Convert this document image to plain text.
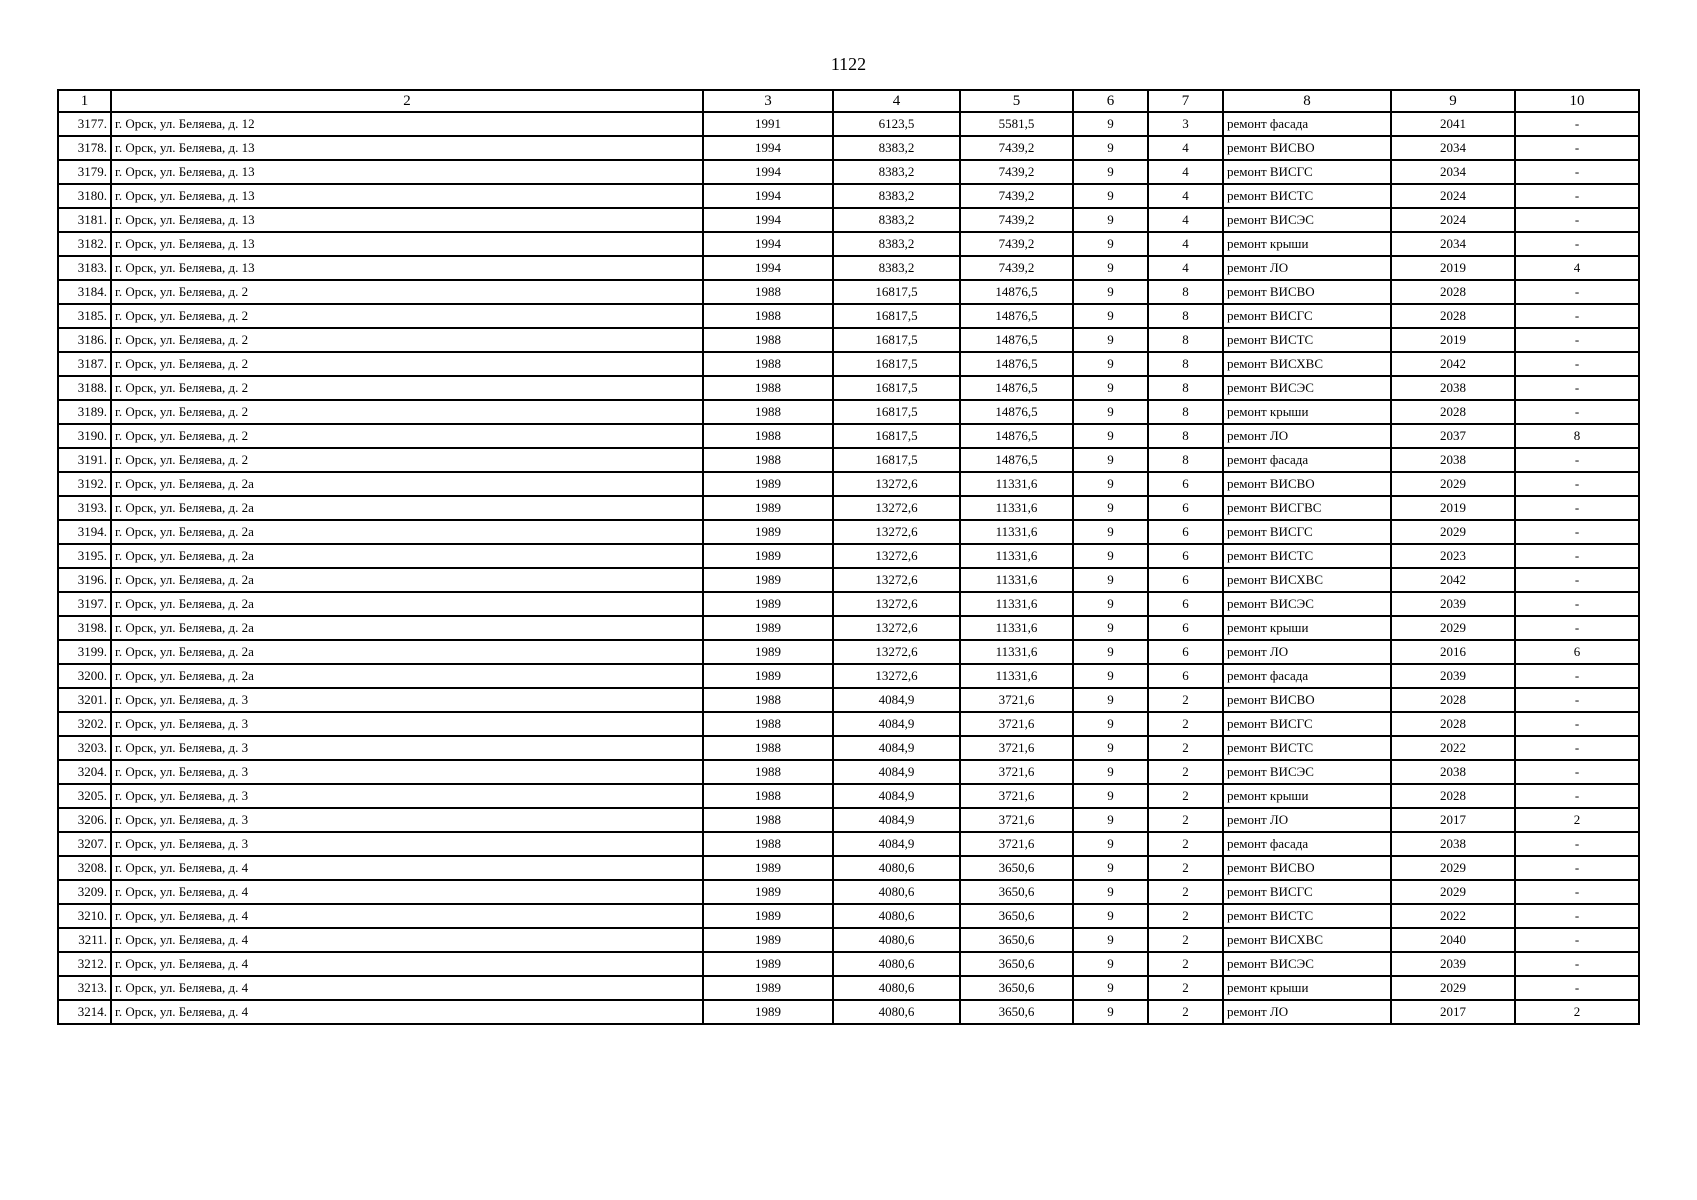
1122
1	2	3	4	5	6	7	8	9	10
3177.	г. Орск, ул. Беляева, д. 12	1991	6123,5	5581,5	9	3	ремонт фасада	2041	-
3178.	г. Орск, ул. Беляева, д. 13	1994	8383,2	7439,2	9	4	ремонт ВИСВО	2034	-
3179.	г. Орск, ул. Беляева, д. 13	1994	8383,2	7439,2	9	4	ремонт ВИСГС	2034	-
3180.	г. Орск, ул. Беляева, д. 13	1994	8383,2	7439,2	9	4	ремонт ВИСТС	2024	-
3181.	г. Орск, ул. Беляева, д. 13	1994	8383,2	7439,2	9	4	ремонт ВИСЭС	2024	-
3182.	г. Орск, ул. Беляева, д. 13	1994	8383,2	7439,2	9	4	ремонт крыши	2034	-
3183.	г. Орск, ул. Беляева, д. 13	1994	8383,2	7439,2	9	4	ремонт ЛО	2019	4
3184.	г. Орск, ул. Беляева, д. 2	1988	16817,5	14876,5	9	8	ремонт ВИСВО	2028	-
3185.	г. Орск, ул. Беляева, д. 2	1988	16817,5	14876,5	9	8	ремонт ВИСГС	2028	-
3186.	г. Орск, ул. Беляева, д. 2	1988	16817,5	14876,5	9	8	ремонт ВИСТС	2019	-
3187.	г. Орск, ул. Беляева, д. 2	1988	16817,5	14876,5	9	8	ремонт ВИСХВС	2042	-
3188.	г. Орск, ул. Беляева, д. 2	1988	16817,5	14876,5	9	8	ремонт ВИСЭС	2038	-
3189.	г. Орск, ул. Беляева, д. 2	1988	16817,5	14876,5	9	8	ремонт крыши	2028	-
3190.	г. Орск, ул. Беляева, д. 2	1988	16817,5	14876,5	9	8	ремонт ЛО	2037	8
3191.	г. Орск, ул. Беляева, д. 2	1988	16817,5	14876,5	9	8	ремонт фасада	2038	-
3192.	г. Орск, ул. Беляева, д. 2а	1989	13272,6	11331,6	9	6	ремонт ВИСВО	2029	-
3193.	г. Орск, ул. Беляева, д. 2а	1989	13272,6	11331,6	9	6	ремонт ВИСГВС	2019	-
3194.	г. Орск, ул. Беляева, д. 2а	1989	13272,6	11331,6	9	6	ремонт ВИСГС	2029	-
3195.	г. Орск, ул. Беляева, д. 2а	1989	13272,6	11331,6	9	6	ремонт ВИСТС	2023	-
3196.	г. Орск, ул. Беляева, д. 2а	1989	13272,6	11331,6	9	6	ремонт ВИСХВС	2042	-
3197.	г. Орск, ул. Беляева, д. 2а	1989	13272,6	11331,6	9	6	ремонт ВИСЭС	2039	-
3198.	г. Орск, ул. Беляева, д. 2а	1989	13272,6	11331,6	9	6	ремонт крыши	2029	-
3199.	г. Орск, ул. Беляева, д. 2а	1989	13272,6	11331,6	9	6	ремонт ЛО	2016	6
3200.	г. Орск, ул. Беляева, д. 2а	1989	13272,6	11331,6	9	6	ремонт фасада	2039	-
3201.	г. Орск, ул. Беляева, д. 3	1988	4084,9	3721,6	9	2	ремонт ВИСВО	2028	-
3202.	г. Орск, ул. Беляева, д. 3	1988	4084,9	3721,6	9	2	ремонт ВИСГС	2028	-
3203.	г. Орск, ул. Беляева, д. 3	1988	4084,9	3721,6	9	2	ремонт ВИСТС	2022	-
3204.	г. Орск, ул. Беляева, д. 3	1988	4084,9	3721,6	9	2	ремонт ВИСЭС	2038	-
3205.	г. Орск, ул. Беляева, д. 3	1988	4084,9	3721,6	9	2	ремонт крыши	2028	-
3206.	г. Орск, ул. Беляева, д. 3	1988	4084,9	3721,6	9	2	ремонт ЛО	2017	2
3207.	г. Орск, ул. Беляева, д. 3	1988	4084,9	3721,6	9	2	ремонт фасада	2038	-
3208.	г. Орск, ул. Беляева, д. 4	1989	4080,6	3650,6	9	2	ремонт ВИСВО	2029	-
3209.	г. Орск, ул. Беляева, д. 4	1989	4080,6	3650,6	9	2	ремонт ВИСГС	2029	-
3210.	г. Орск, ул. Беляева, д. 4	1989	4080,6	3650,6	9	2	ремонт ВИСТС	2022	-
3211.	г. Орск, ул. Беляева, д. 4	1989	4080,6	3650,6	9	2	ремонт ВИСХВС	2040	-
3212.	г. Орск, ул. Беляева, д. 4	1989	4080,6	3650,6	9	2	ремонт ВИСЭС	2039	-
3213.	г. Орск, ул. Беляева, д. 4	1989	4080,6	3650,6	9	2	ремонт крыши	2029	-
3214.	г. Орск, ул. Беляева, д. 4	1989	4080,6	3650,6	9	2	ремонт ЛО	2017	2
